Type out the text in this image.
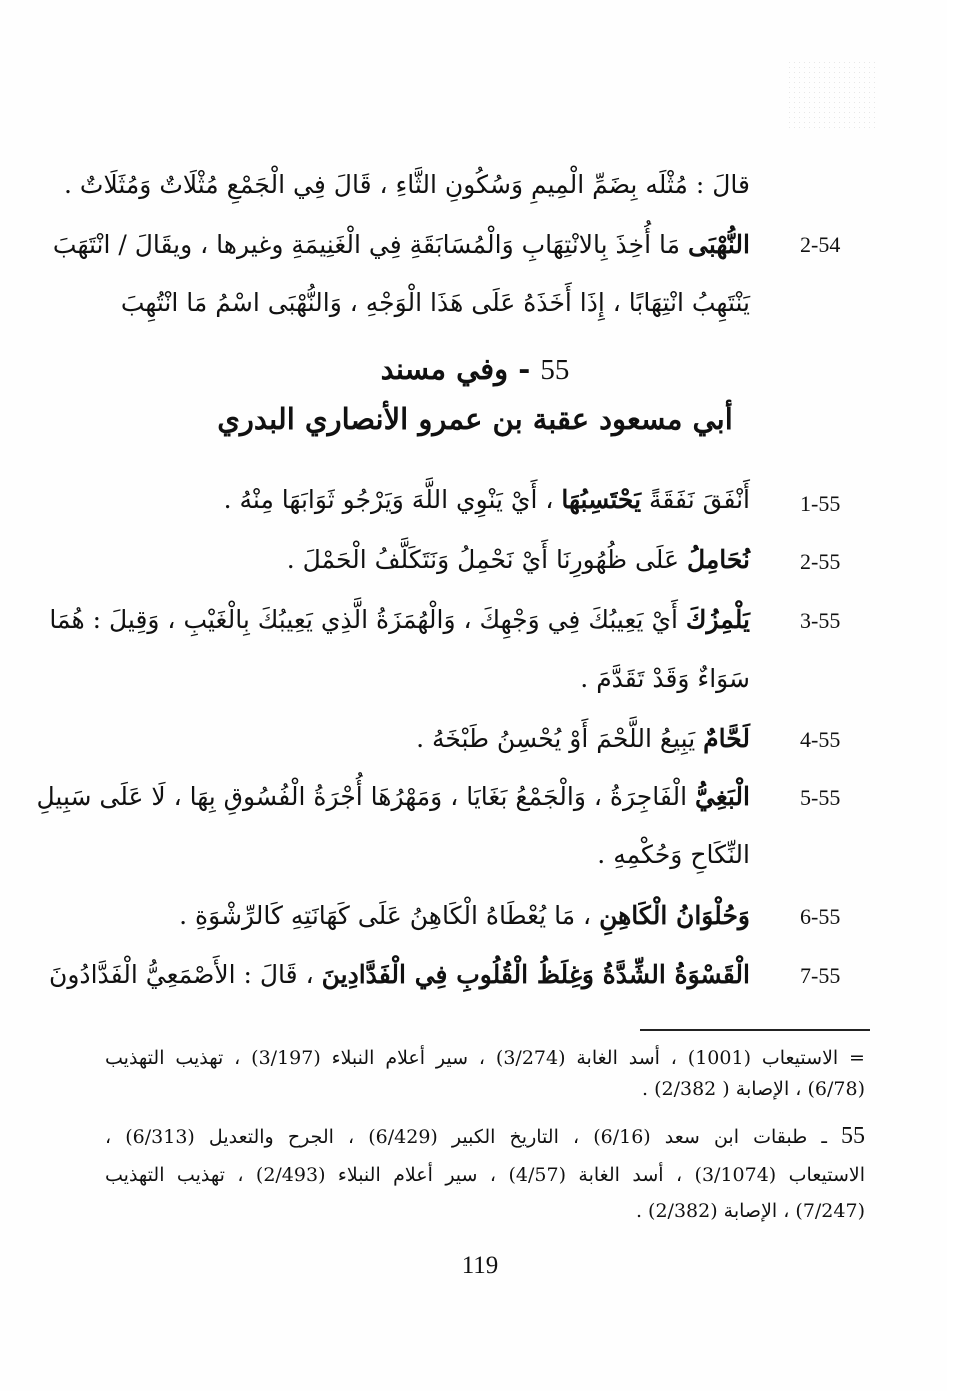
قالَ : مُثْلَه بِضَمِّ الْمِيمِ وَسُكُونِ الثَّاءِ ، قَالَ فِي الْجَمْعِ مُثْلَاتٌ وَمُثَلَاتٌ .
2-54
النُّهْبَى مَا أُخِذَ بِالانْتِهَابِ وَالْمُسَابَقَةِ فِي الْغَنِيمَةِ وغيرها ، ويقَالَ / انْتَهَبَ
يَنْتَهِبُ انْتِهَابًا ، إِذَا أَخَذَهُ عَلَى هَذَا الْوَجْهِ ، وَالنُّهْبَى اسْمُ مَا انْتُهِبَ
55 - وفي مسند
أبي مسعود عقبة بن عمرو الأنصاري البدري
1-55
أَنْفَقَ نَفَقَةً يَحْتَسِبُهَا ، أَيْ يَنْوِي اللَّهَ وَيَرْجُو ثَوَابَهَا مِنْهُ .
2-55
نُحَامِلُ عَلَى ظُهُورِنَا أَيْ نَحْمِلُ وَنَتَكَلَّفُ الْحَمْلَ .
3-55
يَلْمِزُكَ أَيْ يَعِيبُكَ فِي وَجْهِكَ ، وَالْهُمَزَةُ الَّذِي يَعِيبُكَ بِالْغَيْبِ ، وَقِيلَ : هُمَا
سَوَاءٌ وَقَدْ تَقَدَّمَ .
4-55
لَحَّامٌ يَبِيعُ اللَّحْمَ أَوْ يُحْسِنُ طَبْخَهُ .
5-55
الْبَغِيُّ الْفَاجِرَةُ ، وَالْجَمْعُ بَغَايَا ، وَمَهْرُهَا أُجْرَةُ الْفُسُوقِ بِهَا ، لَا عَلَى سَبِيلِ
النِّكَاحِ وَحُكْمِهِ .
6-55
وَحُلْوَانُ الْكَاهِنِ ، مَا يُعْطَاهُ الْكَاهِنُ عَلَى كَهَانَتِهِ كَالرِّشْوَةِ .
7-55
الْقَسْوَةُ الشِّدَّةُ وَغِلَظُ الْقُلُوبِ فِي الْفَدَّادِينَ ، قَالَ : الأَصْمَعِيُّ الْفَدَّادُونَ
= الاستيعاب (1001) ، أسد الغابة (3/274) ، سير أعلام النبلاء (3/197) ، تهذيب التهذيب
(6/78) ، الإصابة ( 2/382) .
55 ـ طبقات ابن سعد (6/16) ، التاريخ الكبير (6/429) ، الجرح والتعديل (6/313) ،
الاستيعاب (3/1074) ، أسد الغابة (4/57) ، سير أعلام النبلاء (2/493) ، تهذيب التهذيب
(7/247) ، الإصابة (2/382) .
119
